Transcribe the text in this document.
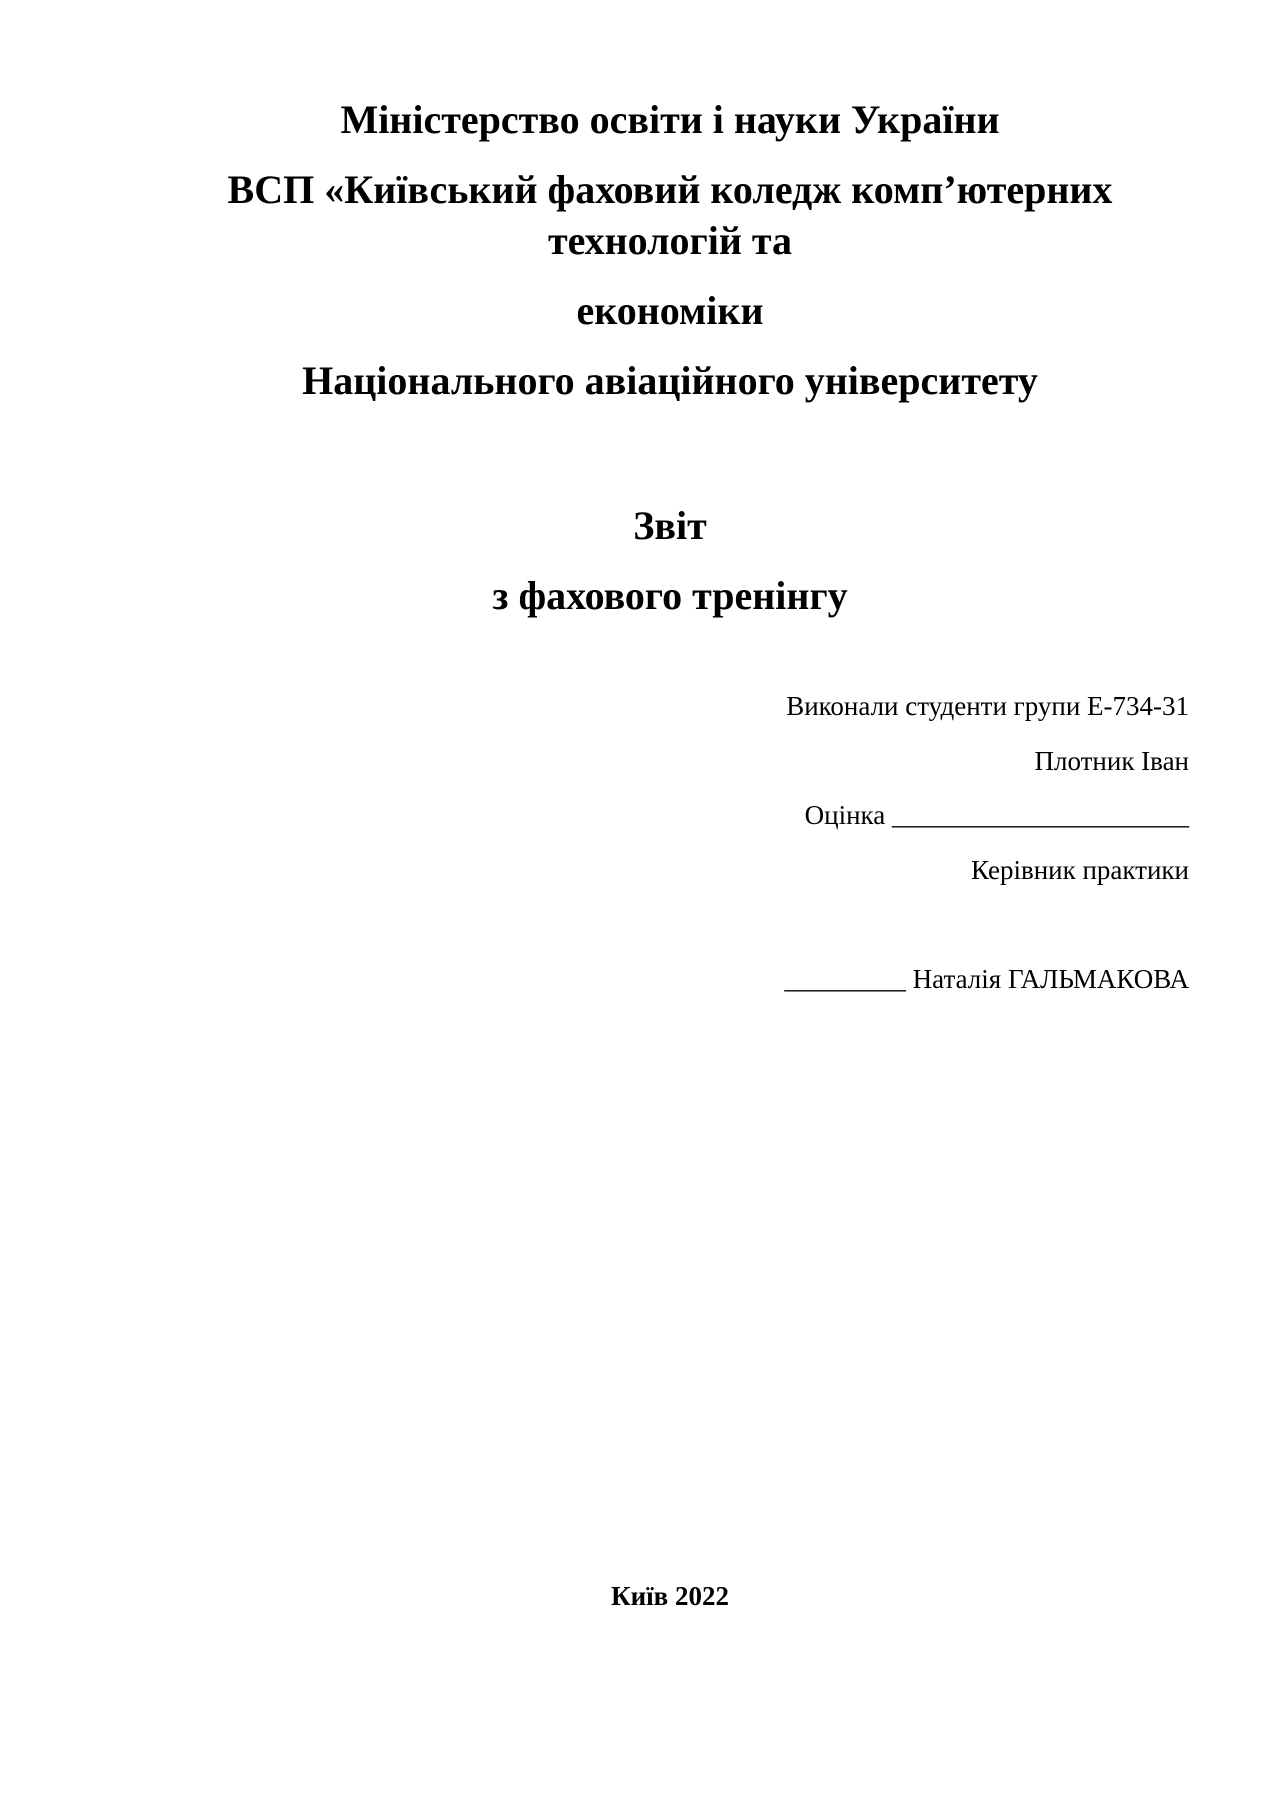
Міністерство освіти і науки України
ВСП «Київський фаховий коледж комп’ютерних
технологій та
економіки
Національного авіаційного університету
Звіт
з фахового тренінгу
Виконали студенти групи Е-734-31
Плотник Іван
Оцінка ______________________
Керівник практики
_________ Наталія ГАЛЬМАКОВА
Київ 2022
